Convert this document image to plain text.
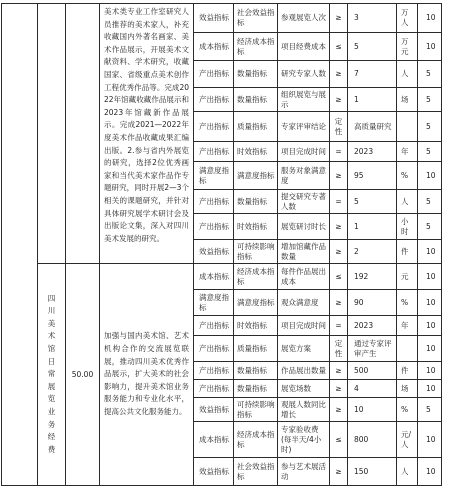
			美术类专业工作室研究人员推荐的美术家人，补充收藏国内外著名画家、美术作品展示，开展美术文献资料、学术研究，收藏国家、省级重点美术创作工程优秀作品等。完成2022年馆藏收藏作品展示和2023年馆藏新作品展示。完成2021—2022年度美术作品收藏成果汇编出版。2.参与省内外展览的研究，选择2位优秀画家和当代美术家作品作专题研究，同时开展2—3个相关的课题研究，并针对具体研究展学术研讨会及出版论文集，深入对四川美术发展的研究。	效益指标	社会效益指标	参观展览人次	≥	3	万人	10
				成本指标	经济成本指标	项目经费成本	≤	5	万元	10
				产出指标	数量指标	研究专家人数	≥	7	人	5
				产出指标	数量指标	组织展览与展示	≥	1	场	5
				产出指标	质量指标	专家评审结论	定性	高质量研究		5
				产出指标	时效指标	项目完成时间	=	2023	年	5
				满意度指标	满意度指标	服务对象满意度	≥	95	%	10
				产出指标	数量指标	提交研究专著人数	=	5	人	5
				产出指标	时效指标	展览研讨时长	≥	1	小时	5
				效益指标	可持续影响指标	增加馆藏作品数量	≥	2	件	10

	四川美术馆日常展览业务经费	50.00	加强与国内美术馆、艺术机构合作的交流展览联展，推动四川美术优秀作品展示，扩大美术的社会影响力，提升美术馆业务服务能力和专业化水平，提高公共文化服务能力。	成本指标	经济成本指标	每件作品展出成本	≤	192	元	10
				满意度指标	满意度指标	观众满意度	≥	90	%	10
				产出指标	时效指标	项目完成时间	=	2023	年	10
				产出指标	质量指标	展览方案	定性	通过专家评审产生		10
				产出指标	数量指标	作品展出数量	≥	500	件	10
				产出指标	数量指标	展览场数	≥	4	场	10
				效益指标	可持续影响指标	观展人数同比增长	≥	10	%	5
				成本指标	经济成本指标	专家验收费(每半天/4小时)	≤	800	元/人	10
				效益指标	社会效益指标	参与艺术展活动	≥	150	人	10
